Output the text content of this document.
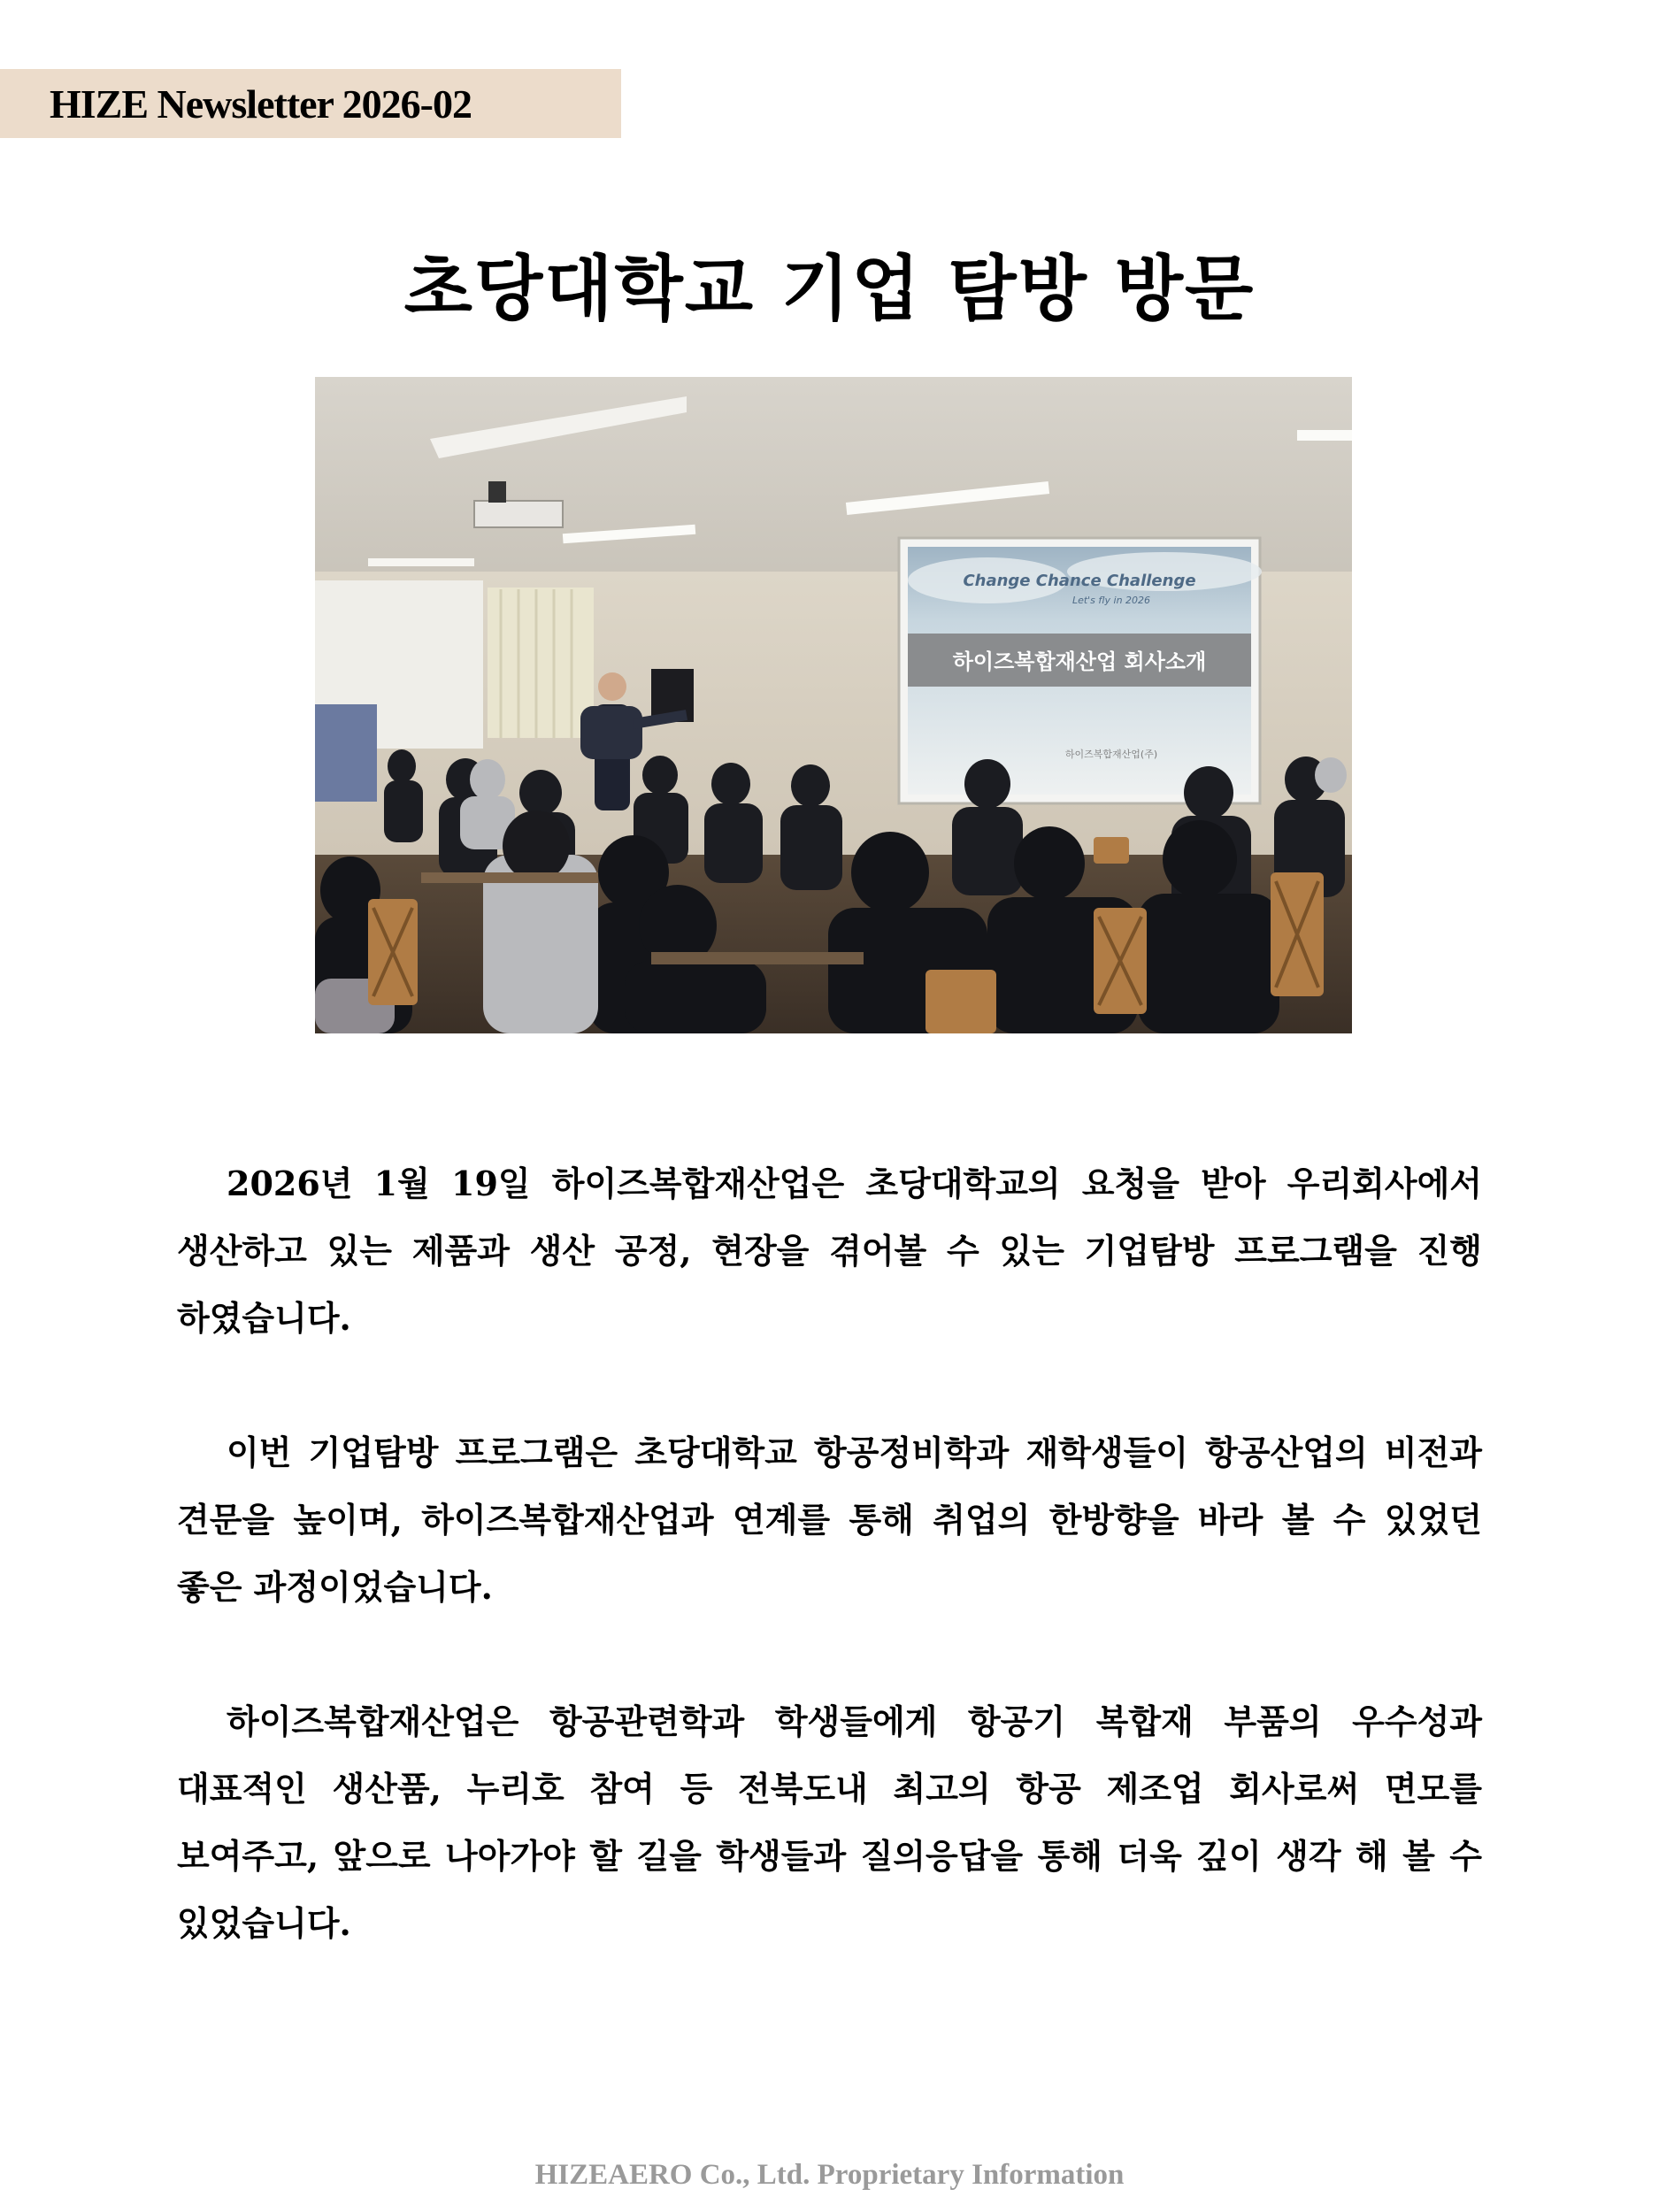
HIZE Newsletter 2026-02
초당대학교 기업 탐방 방문
Change Chance Challenge
Let's fly in 2026
하이즈복합재산업 회사소개
하이즈복합재산업(주)

2026년 1월 19일 하이즈복합재산업은 초당대학교의 요청을 받아 우리회사에서 생산하고 있는 제품과 생산 공정, 현장을 겪어볼 수 있는 기업탐방 프로그램을 진행 하였습니다.

이번 기업탐방 프로그램은 초당대학교 항공정비학과 재학생들이 항공산업의 비전과 견문을 높이며, 하이즈복합재산업과 연계를 통해 취업의 한방향을 바라 볼 수 있었던 좋은 과정이었습니다.

하이즈복합재산업은 항공관련학과 학생들에게 항공기 복합재 부품의 우수성과 대표적인 생산품, 누리호 참여 등 전북도내 최고의 항공 제조업 회사로써 면모를 보여주고, 앞으로 나아가야 할 길을 학생들과 질의응답을 통해 더욱 깊이 생각 해 볼 수 있었습니다.

HIZEAERO Co., Ltd. Proprietary Information
